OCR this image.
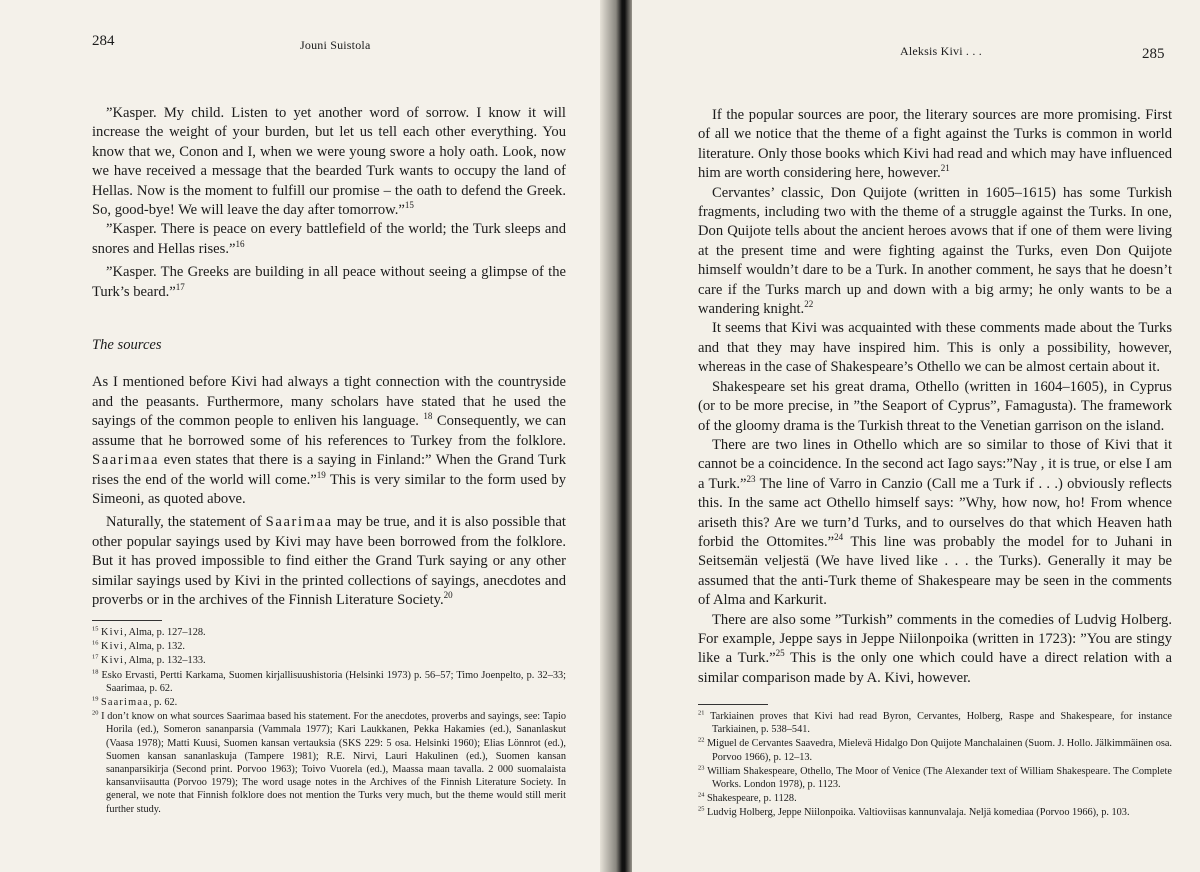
284	Jouni Suistola

”Kasper. My child. Listen to yet another word of sorrow. I know it will increase the weight of your burden, but let us tell each other everything. You know that we, Conon and I, when we were young swore a holy oath. Look, now we have received a message that the bearded Turk wants to occupy the land of Hellas. Now is the moment to fulfill our promise – the oath to defend the Greek. So, good-bye! We will leave the day after tomorrow.”$^{15}$

”Kasper. There is peace on every battlefield of the world; the Turk sleeps and snores and Hellas rises.”$^{16}$

”Kasper. The Greeks are building in all peace without seeing a glimpse of the Turk’s beard.”$^{17}$

The sources

As I mentioned before Kivi had always a tight connection with the countryside and the peasants. Furthermore, many scholars have stated that he used the sayings of the common people to enliven his language. $^{18}$ Consequently, we can assume that he borrowed some of his references to Turkey from the folklore. Saarimaa even states that there is a saying in Finland:” When the Grand Turk rises the end of the world will come.”$^{19}$ This is very similar to the form used by Simeoni, as quoted above.

Naturally, the statement of Saarimaa may be true, and it is also possible that other popular sayings used by Kivi may have been borrowed from the folklore. But it has proved impossible to find either the Grand Turk saying or any other similar sayings used by Kivi in the printed collections of sayings, anecdotes and proverbs or in the archives of the Finnish Literature Society.$^{20}$

$^{15}$ Kivi, Alma, p. 127–128.

$^{16}$ Kivi, Alma, p. 132.

$^{17}$ Kivi, Alma, p. 132–133.

$^{18}$ Esko Ervasti, Pertti Karkama, Suomen kirjallisuushistoria (Helsinki 1973) p. 56–57; Timo Joenpelto, p. 32–33; Saarimaa, p. 62.

$^{19}$ Saarimaa, p. 62.

$^{20}$ I don’t know on what sources Saarimaa based his statement. For the anecdotes, proverbs and sayings, see: Tapio Horila (ed.), Someron sananparsia (Vammala 1977); Kari Laukkanen, Pekka Hakamies (ed.), Sananlaskut (Vaasa 1978); Matti Kuusi, Suomen kansan vertauksia (SKS 229: 5 osa. Helsinki 1960); Elias Lönnrot (ed.), Suomen kansan sananlaskuja (Tampere 1981); R.E. Nirvi, Lauri Hakulinen (ed.), Suomen kansan sananparsikirja (Second print. Porvoo 1963); Toivo Vuorela (ed.), Maassa maan tavalla. 2 000 suomalaista kansanviisautta (Porvoo 1979); The word usage notes in the Archives of the Finnish Literature Society. In general, we note that Finnish folklore does not mention the Turks very much, but the theme would still merit further study.

Aleksis Kivi . . .	285

If the popular sources are poor, the literary sources are more promising. First of all we notice that the theme of a fight against the Turks is common in world literature. Only those books which Kivi had read and which may have influenced him are worth considering here, however.$^{21}$

Cervantes’ classic, Don Quijote (written in 1605–1615) has some Turkish fragments, including two with the theme of a struggle against the Turks. In one, Don Quijote tells about the ancient heroes avows that if one of them were living at the present time and were fighting against the Turks, even Don Quijote himself wouldn’t dare to be a Turk. In another comment, he says that he doesn’t care if the Turks march up and down with a big army; he only wants to be a wandering knight.$^{22}$

It seems that Kivi was acquainted with these comments made about the Turks and that they may have inspired him. This is only a possibility, however, whereas in the case of Shakespeare’s Othello we can be almost certain about it.

Shakespeare set his great drama, Othello (written in 1604–1605), in Cyprus (or to be more precise, in ”the Seaport of Cyprus”, Famagusta). The framework of the gloomy drama is the Turkish threat to the Venetian garrison on the island.

There are two lines in Othello which are so similar to those of Kivi that it cannot be a coincidence. In the second act Iago says:”Nay , it is true, or else I am a Turk.”$^{23}$ The line of Varro in Canzio (Call me a Turk if . . .) obviously reflects this. In the same act Othello himself says: ”Why, how now, ho! From whence ariseth this? Are we turn’d Turks, and to ourselves do that which Heaven hath forbid the Ottomites.”$^{24}$ This line was probably the model for to Juhani in Seitsemän veljestä (We have lived like . . . the Turks). Generally it may be assumed that the anti-Turk theme of Shakespeare may be seen in the comments of Alma and Karkurit.

There are also some ”Turkish” comments in the comedies of Ludvig Holberg. For example, Jeppe says in Jeppe Niilonpoika (written in 1723): ”You are stingy like a Turk.”$^{25}$ This is the only one which could have a direct relation with a similar comparison made by A. Kivi, however.

$^{21}$ Tarkiainen proves that Kivi had read Byron, Cervantes, Holberg, Raspe and Shakespeare, for instance Tarkiainen, p. 538–541.

$^{22}$ Miguel de Cervantes Saavedra, Mielevä Hidalgo Don Quijote Manchalainen (Suom. J. Hollo. Jälkimmäinen osa. Porvoo 1966), p. 12–13.

$^{23}$ William Shakespeare, Othello, The Moor of Venice (The Alexander text of William Shakespeare. The Complete Works. London 1978), p. 1123.

$^{24}$ Shakespeare, p. 1128.

$^{25}$ Ludvig Holberg, Jeppe Niilonpoika. Valtioviisas kannunvalaja. Neljä komediaa (Porvoo 1966), p. 103.
